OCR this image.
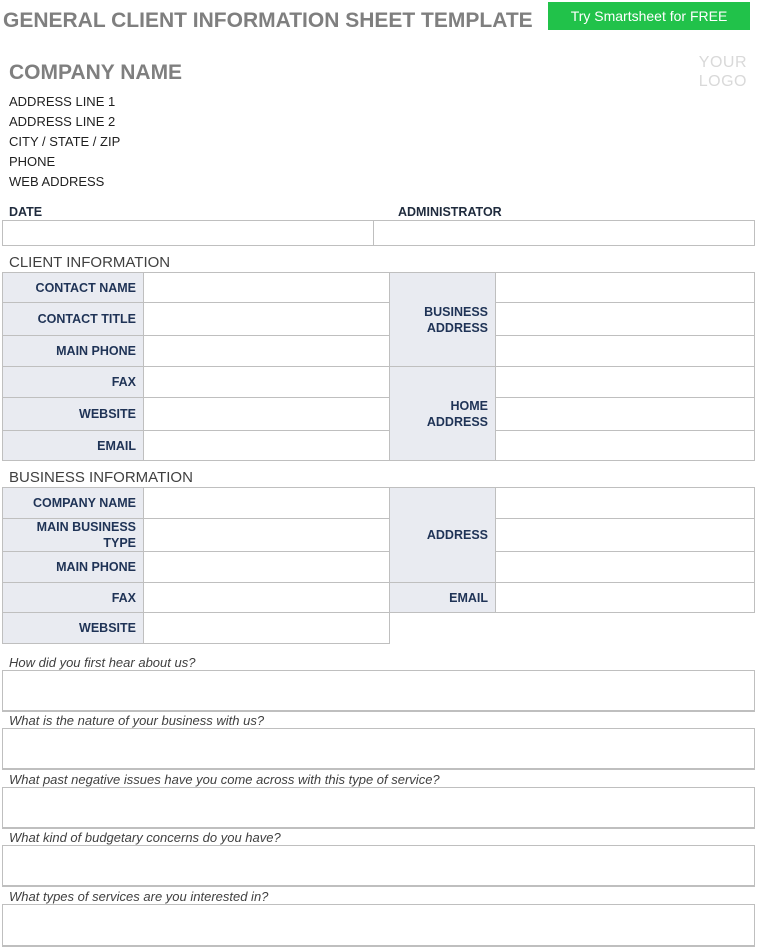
GENERAL CLIENT INFORMATION SHEET TEMPLATE	Try Smartsheet for FREE
YOUR
LOGO
COMPANY NAME
ADDRESS LINE 1
ADDRESS LINE 2
CITY / STATE / ZIP
PHONE
WEB ADDRESS
DATE	ADMINISTRATOR
CLIENT INFORMATION
CONTACT NAME
CONTACT TITLE
MAIN PHONE
FAX
WEBSITE
EMAIL
BUSINESS
ADDRESS
HOME
ADDRESS
BUSINESS INFORMATION
COMPANY NAME
MAIN BUSINESS
TYPE
MAIN PHONE
FAX
WEBSITE
ADDRESS
EMAIL
How did you first hear about us?
What is the nature of your business with us?
What past negative issues have you come across with this type of service?
What kind of budgetary concerns do you have?
What types of services are you interested in?
